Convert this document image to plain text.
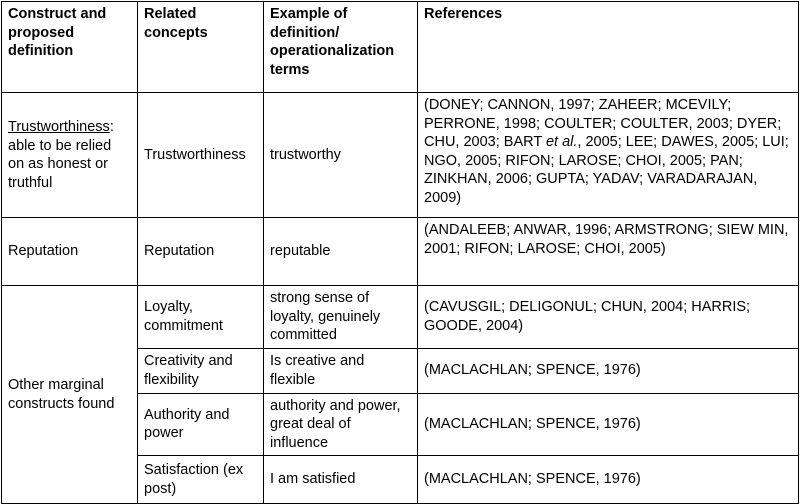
Construct and proposed definition	Related concepts	Example of definition/ operationalization terms	References
Trustworthiness: able to be relied on as honest or truthful	Trustworthiness	trustworthy	(DONEY; CANNON, 1997; ZAHEER; MCEVILY; PERRONE, 1998; COULTER; COULTER, 2003; DYER; CHU, 2003; BART et al., 2005; LEE; DAWES, 2005; LUI; NGO, 2005; RIFON; LAROSE; CHOI, 2005; PAN; ZINKHAN, 2006; GUPTA; YADAV; VARADARAJAN, 2009)
Reputation	Reputation	reputable	(ANDALEEB; ANWAR, 1996; ARMSTRONG; SIEW MIN, 2001; RIFON; LAROSE; CHOI, 2005)
Other marginal constructs found	Loyalty, commitment	strong sense of loyalty, genuinely committed	(CAVUSGIL; DELIGONUL; CHUN, 2004; HARRIS; GOODE, 2004)
	Creativity and flexibility	Is creative and flexible	(MACLACHLAN; SPENCE, 1976)
	Authority and power	authority and power, great deal of influence	(MACLACHLAN; SPENCE, 1976)
	Satisfaction (ex post)	I am satisfied	(MACLACHLAN; SPENCE, 1976)
